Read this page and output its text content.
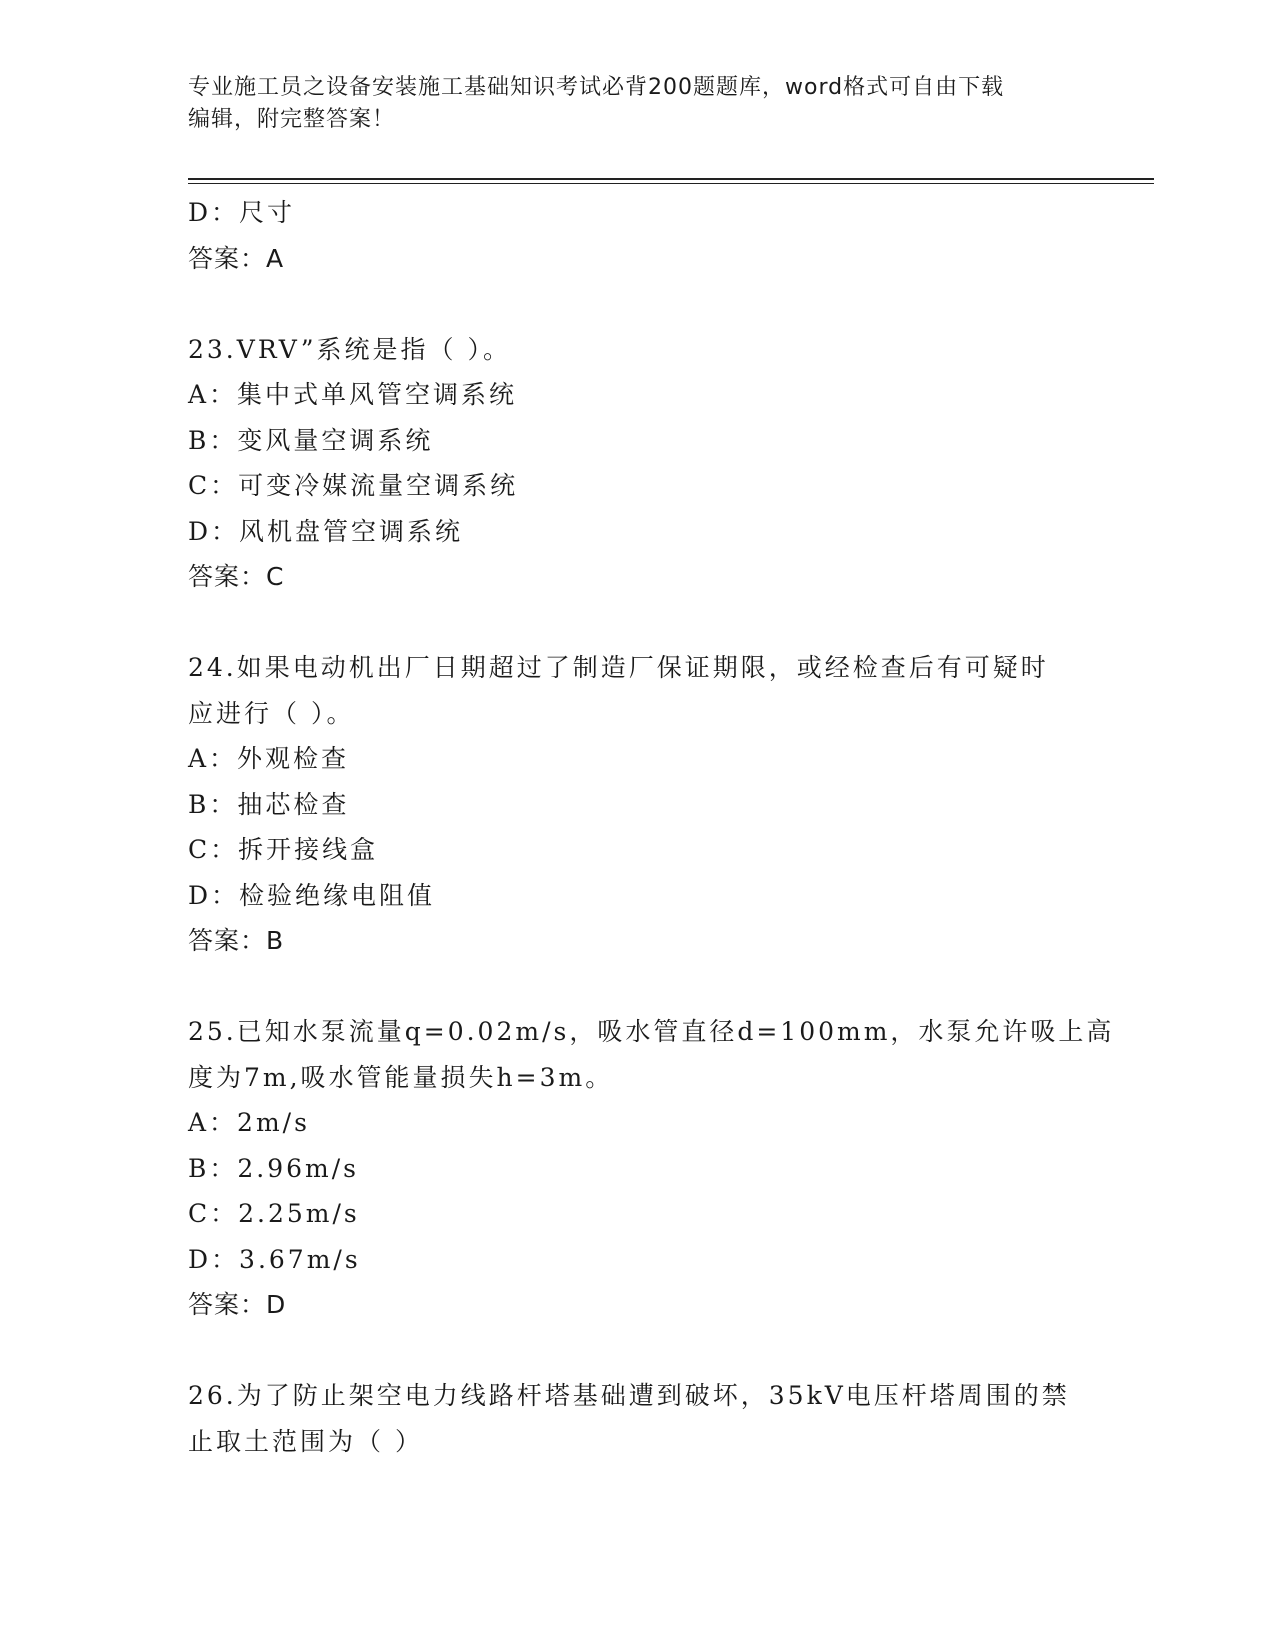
专业施工员之设备安装施工基础知识考试必背200题题库，word格式可自由下载
编辑，附完整答案！
D：尺寸
答案：A
23.VRV”系统是指（ ）。
A：集中式单风管空调系统
B：变风量空调系统
C：可变冷媒流量空调系统
D：风机盘管空调系统
答案：C
24.如果电动机出厂日期超过了制造厂保证期限，或经检查后有可疑时
应进行（ ）。
A：外观检查
B：抽芯检查
C：拆开接线盒
D：检验绝缘电阻值
答案：B
25.已知水泵流量q=0.02m/s，吸水管直径d=100mm，水泵允许吸上高
度为7m,吸水管能量损失h=3m。
A：2m/s
B：2.96m/s
C：2.25m/s
D：3.67m/s
答案：D
26.为了防止架空电力线路杆塔基础遭到破坏，35kV电压杆塔周围的禁
止取土范围为（ ）
